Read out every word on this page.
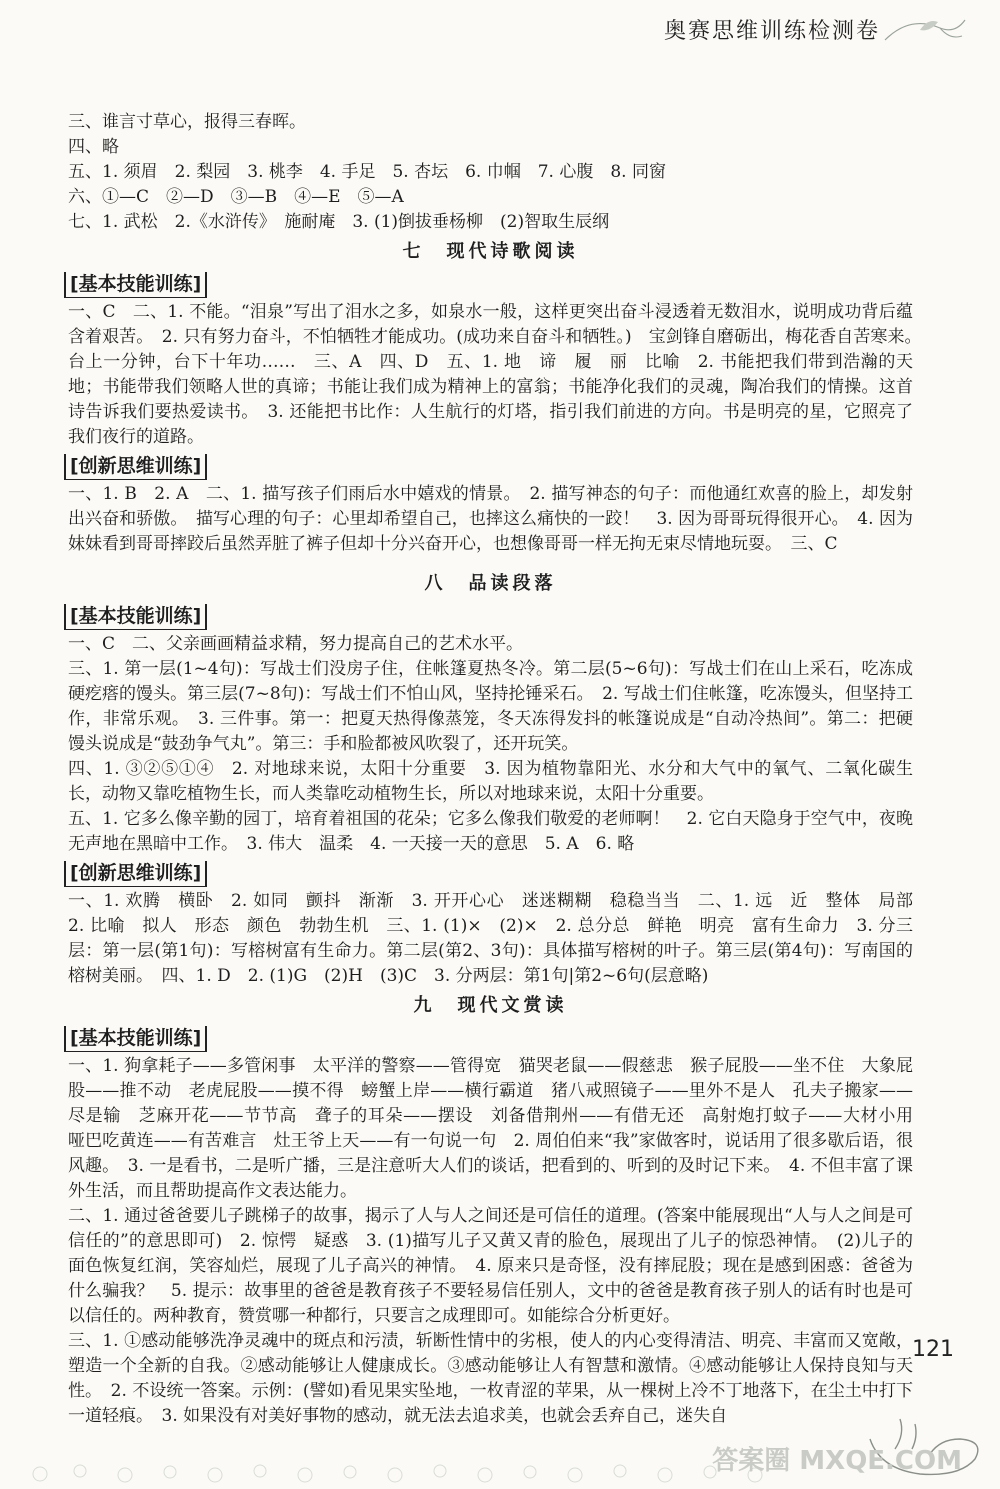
奥赛思维训练检测卷

三、谁言寸草心，报得三春晖。

四、略

五、1. 须眉　2. 梨园　3. 桃李　4. 手足　5. 杏坛　6. 巾帼　7. 心腹　8. 同窗

六、①—C　②—D　③—B　④—E　⑤—A

七、1. 武松　2.《水浒传》　施耐庵　3. (1)倒拔垂杨柳　(2)智取生辰纲

七　现代诗歌阅读
[基本技能训练]

一、C　二、1. 不能。“泪泉”写出了泪水之多，如泉水一般，这样更突出奋斗浸透着无数泪水，说明成功背后蕴含着艰苦。　2. 只有努力奋斗，不怕牺牲才能成功。(成功来自奋斗和牺牲。)　宝剑锋自磨砺出，梅花香自苦寒来。　台上一分钟，台下十年功……　三、A　四、D　五、1. 地　谛　履　丽　比喻　2. 书能把我们带到浩瀚的天地；书能带我们领略人世的真谛；书能让我们成为精神上的富翁；书能净化我们的灵魂，陶冶我们的情操。这首诗告诉我们要热爱读书。　3. 还能把书比作：人生航行的灯塔，指引我们前进的方向。书是明亮的星，它照亮了我们夜行的道路。

[创新思维训练]

一、1. B　2. A　二、1. 描写孩子们雨后水中嬉戏的情景。　2. 描写神态的句子：而他通红欢喜的脸上，却发射出兴奋和骄傲。　描写心理的句子：心里却希望自己，也摔这么痛快的一跤！　3. 因为哥哥玩得很开心。　4. 因为妹妹看到哥哥摔跤后虽然弄脏了裤子但却十分兴奋开心，也想像哥哥一样无拘无束尽情地玩耍。　三、C

八　品读段落
[基本技能训练]

一、C　二、父亲画画精益求精，努力提高自己的艺术水平。

三、1. 第一层(1~4句)：写战士们没房子住，住帐篷夏热冬冷。第二层(5~6句)：写战士们在山上采石，吃冻成硬疙瘩的馒头。第三层(7~8句)：写战士们不怕山风，坚持抡锤采石。　2. 写战士们住帐篷，吃冻馒头，但坚持工作，非常乐观。　3. 三件事。第一：把夏天热得像蒸笼，冬天冻得发抖的帐篷说成是“自动冷热间”。第二：把硬馒头说成是“鼓劲争气丸”。第三：手和脸都被风吹裂了，还开玩笑。

四、1. ③②⑤①④　2. 对地球来说，太阳十分重要　3. 因为植物靠阳光、水分和大气中的氧气、二氧化碳生长，动物又靠吃植物生长，而人类靠吃动植物生长，所以对地球来说，太阳十分重要。

五、1. 它多么像辛勤的园丁，培育着祖国的花朵；它多么像我们敬爱的老师啊！　2. 它白天隐身于空气中，夜晚无声地在黑暗中工作。　3. 伟大　温柔　4. 一天接一天的意思　5. A　6. 略

[创新思维训练]

一、1. 欢腾　横卧　2. 如同　颤抖　渐渐　3. 开开心心　迷迷糊糊　稳稳当当　二、1. 远　近　整体　局部　2. 比喻　拟人　形态　颜色　勃勃生机　三、1. (1)×　(2)×　2. 总分总　鲜艳　明亮　富有生命力　3. 分三层：第一层(第1句)：写榕树富有生命力。第二层(第2、3句)：具体描写榕树的叶子。第三层(第4句)：写南国的榕树美丽。　四、1. D　2. (1)G　(2)H　(3)C　3. 分两层：第1句|第2~6句(层意略)

九　现代文赏读
[基本技能训练]

一、1. 狗拿耗子——多管闲事　太平洋的警察——管得宽　猫哭老鼠——假慈悲　猴子屁股——坐不住　大象屁股——推不动　老虎屁股——摸不得　螃蟹上岸——横行霸道　猪八戒照镜子——里外不是人　孔夫子搬家——尽是输　芝麻开花——节节高　聋子的耳朵——摆设　刘备借荆州——有借无还　高射炮打蚊子——大材小用　哑巴吃黄连——有苦难言　灶王爷上天——有一句说一句　2. 周伯伯来“我”家做客时，说话用了很多歇后语，很风趣。　3. 一是看书，二是听广播，三是注意听大人们的谈话，把看到的、听到的及时记下来。　4. 不但丰富了课外生活，而且帮助提高作文表达能力。

二、1. 通过爸爸要儿子跳梯子的故事，揭示了人与人之间还是可信任的道理。(答案中能展现出“人与人之间是可信任的”的意思即可)　2. 惊愕　疑惑　3. (1)描写儿子又黄又青的脸色，展现出了儿子的惊恐神情。　(2)儿子的面色恢复红润，笑容灿烂，展现了儿子高兴的神情。　4. 原来只是奇怪，没有摔屁股；现在是感到困惑：爸爸为什么骗我？　5. 提示：故事里的爸爸是教育孩子不要轻易信任别人，文中的爸爸是教育孩子别人的话有时也是可以信任的。两种教育，赞赏哪一种都行，只要言之成理即可。如能综合分析更好。

三、1. ①感动能够洗净灵魂中的斑点和污渍，斩断性情中的劣根，使人的内心变得清洁、明亮、丰富而又宽敞，塑造一个全新的自我。②感动能够让人健康成长。③感动能够让人有智慧和激情。④感动能够让人保持良知与天性。　2. 不设统一答案。示例：(譬如)看见果实坠地，一枚青涩的苹果，从一棵树上冷不丁地落下，在尘土中打下一道轻痕。　3. 如果没有对美好事物的感动，就无法去追求美，也就会丢弃自己，迷失自

121
答案圈 MXQE.COM
